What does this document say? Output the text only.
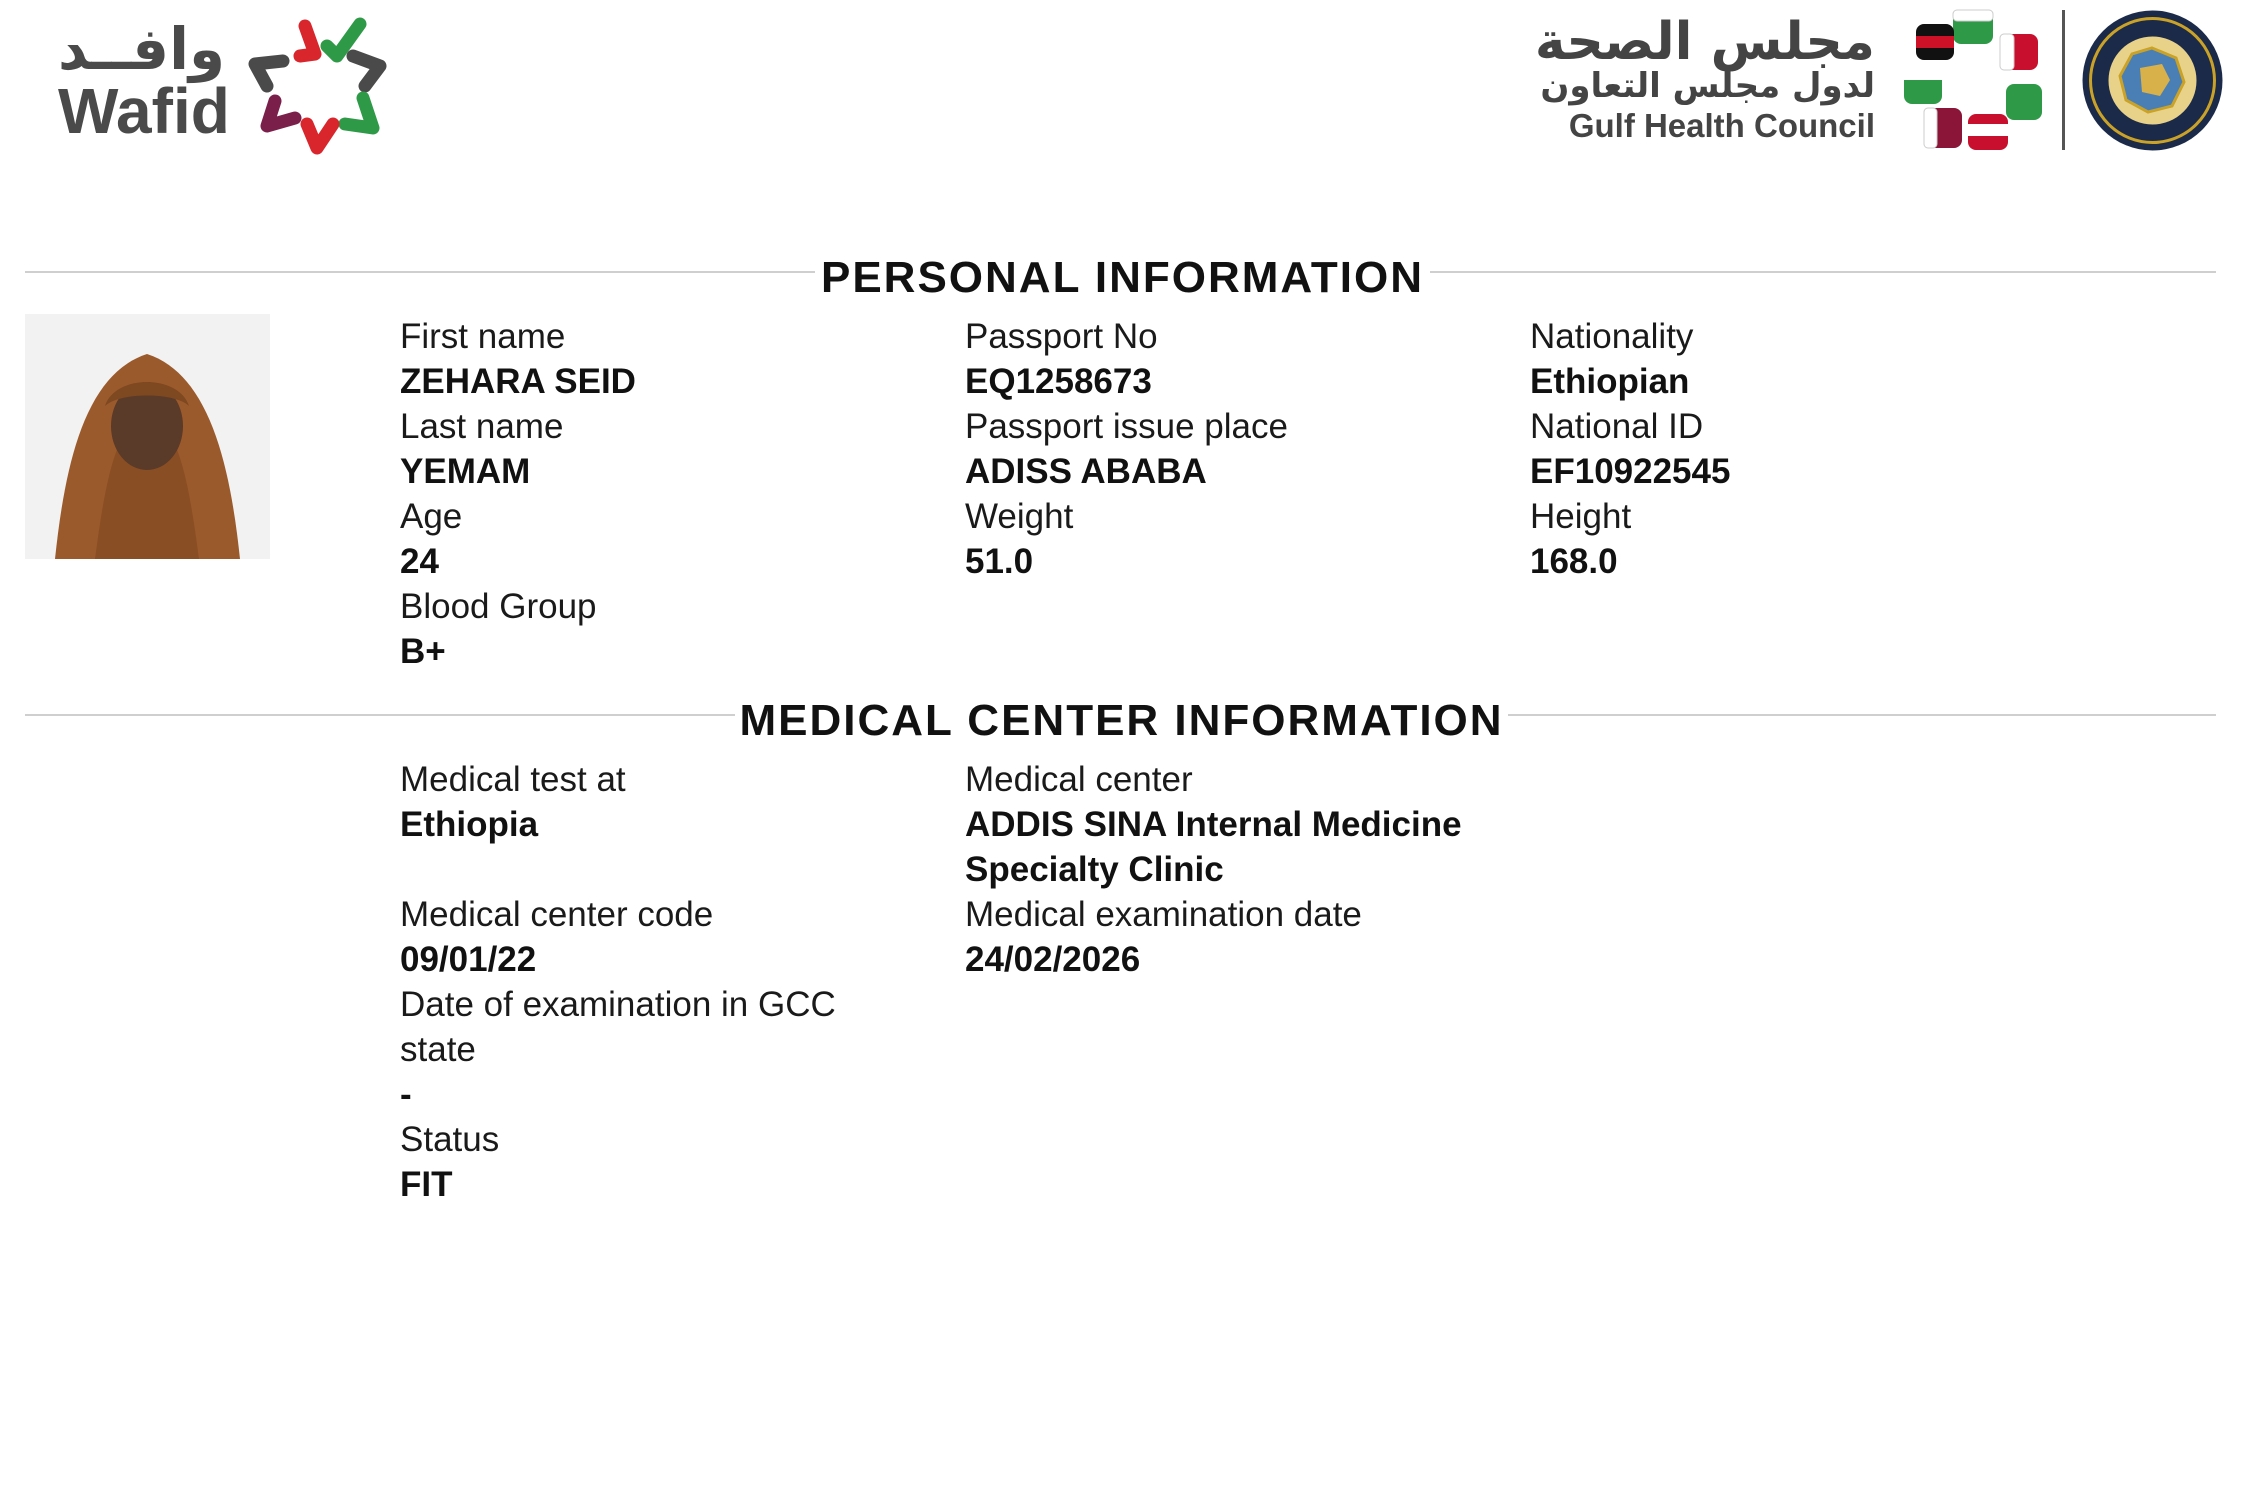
وافــد
Wafid
مجلس الصحة
لدول مجلس التعاون
Gulf Health Council
PERSONAL INFORMATION
First name
ZEHARA SEID
Last name
YEMAM
Age
24
Blood Group
B+
Passport No
EQ1258673
Passport issue place
ADISS ABABA
Weight
51.0
Nationality
Ethiopian
National ID
EF10922545
Height
168.0
MEDICAL CENTER INFORMATION
Medical test at
Ethiopia
Medical center code
09/01/22
Date of examination in GCC state
-
Status
FIT
Medical center
ADDIS SINA Internal Medicine Specialty Clinic
Medical examination date
24/02/2026
